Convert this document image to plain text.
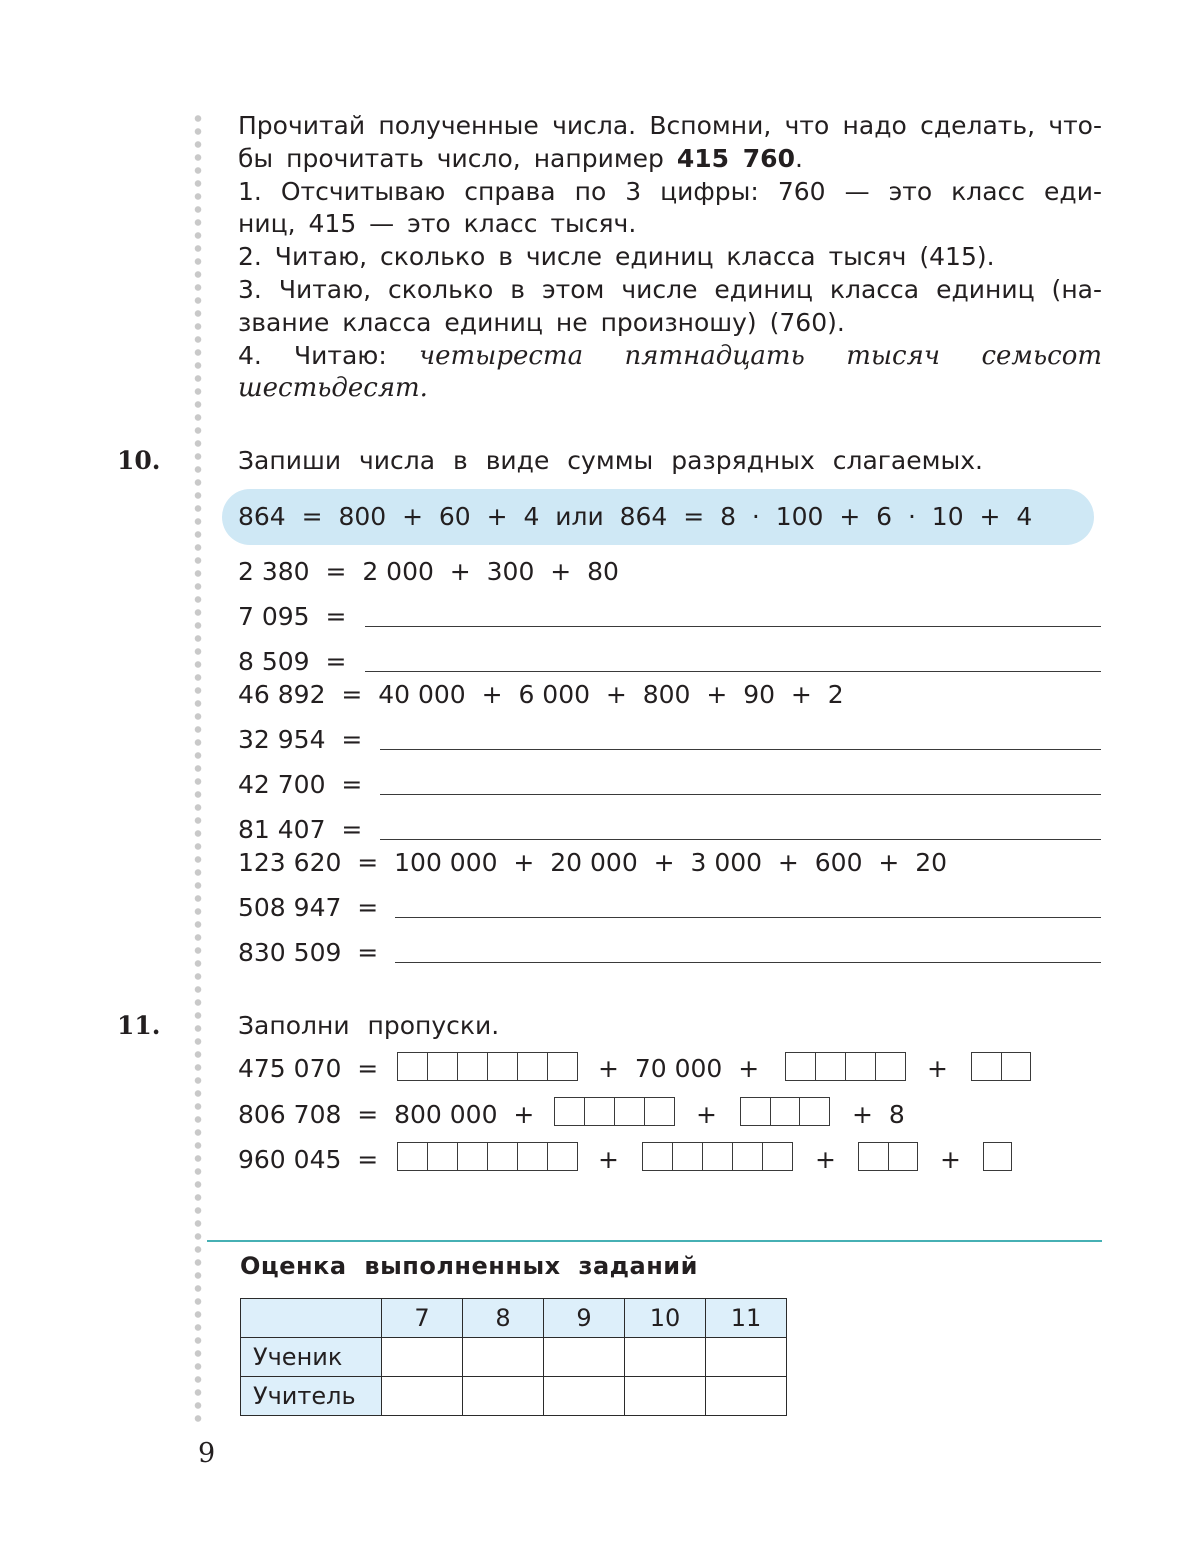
Прочитай полученные числа. Вспомни, что надо сделать, что-
бы прочитать число, например 415 760.
1. Отсчитываю справа по 3 цифры: 760 — это класс еди-
ниц, 415 — это класс тысяч.
2. Читаю, сколько в числе единиц класса тысяч (415).
3. Читаю, сколько в этом числе единиц класса единиц (на-
звание класса единиц не произношу) (760).
4. Читаю: четыреста пятнадцать тысяч семьсот
шестьдесят.
10.	Запиши числа в виде суммы разрядных слагаемых.
864  =  800  +  60  +  4  или  864  =  8  ·  100  +  6  ·  10  +  4
2 380  = 2 000  +  300  +  80
7 095  =
8 509  =
46 892  = 40 000  +  6 000  +  800  +  90  +  2
32 954  =
42 700  =
81 407  =
123 620  = 100 000  +  20 000  +  3 000  +  600  +  20
508 947  =
830 509  =
11.	Заполни пропуски.
475 070  =	+  70 000  +	+
806 708  =  800 000  +	+	+  8
960 045  =	+	+	+
Оценка выполненных заданий
	7	8	9	10	11
Ученик					
Учитель					
9
